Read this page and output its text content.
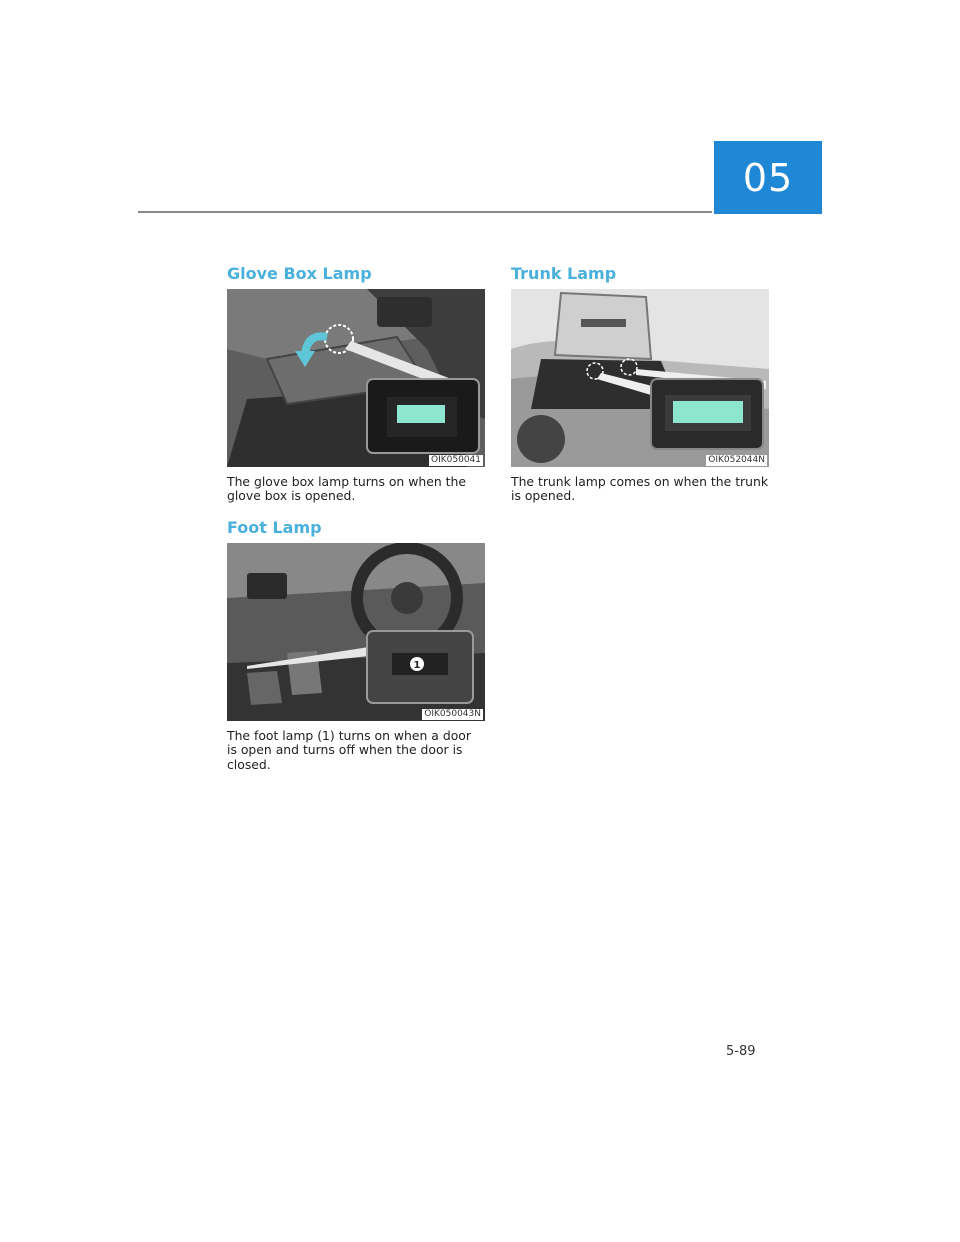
05
Glove Box Lamp
OIK050041

The glove box lamp turns on when the glove box is opened.

Foot Lamp
1
OIK050043N

The foot lamp (1) turns on when a door is open and turns off when the door is closed.

Trunk Lamp
OIK052044N

The trunk lamp comes on when the trunk is opened.

5-89
